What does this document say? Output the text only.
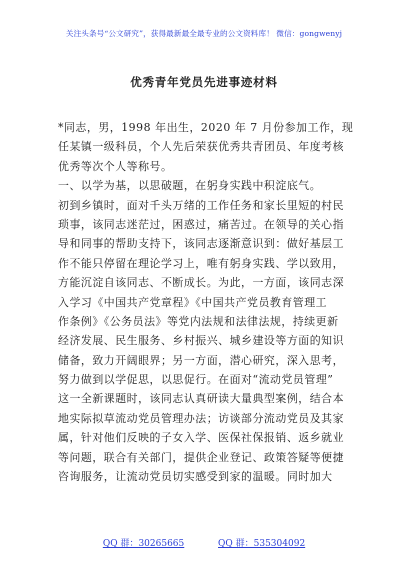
关注头条号“公文研究”，获得最新最全最专业的公文资料库！ 微信：gongwenyj
优秀青年党员先进事迹材料
*同志，男，1998 年出生，2020 年 7 月份参加工作，现
任某镇一级科员，个人先后荣获优秀共青团员、年度考核
优秀等次个人等称号。
一、以学为基，以思破题，在躬身实践中积淀底气。
初到乡镇时，面对千头万绪的工作任务和家长里短的村民
琐事，该同志迷茫过，困惑过，痛苦过。在领导的关心指
导和同事的帮助支持下，该同志逐渐意识到：做好基层工
作不能只停留在理论学习上，唯有躬身实践、学以致用，
方能沉淀自该同志、不断成长。为此，一方面，该同志深
入学习《中国共产党章程》《中国共产党员教育管理工
作条例》《公务员法》等党内法规和法律法规，持续更新
经济发展、民生服务、乡村振兴、城乡建设等方面的知识
储备，致力开阔眼界；另一方面，潜心研究，深入思考，
努力做到以学促思，以思促行。在面对“流动党员管理”
这一全新课题时，该同志认真研读大量典型案例，结合本
地实际拟草流动党员管理办法；访谈部分流动党员及其家
属，针对他们反映的子女入学、医保社保报销、返乡就业
等问题，联合有关部门，提供企业登记、政策答疑等便捷
咨询服务，让流动党员切实感受到家的温暖。同时加大
QQ 群：30265665	QQ 群：535304092
